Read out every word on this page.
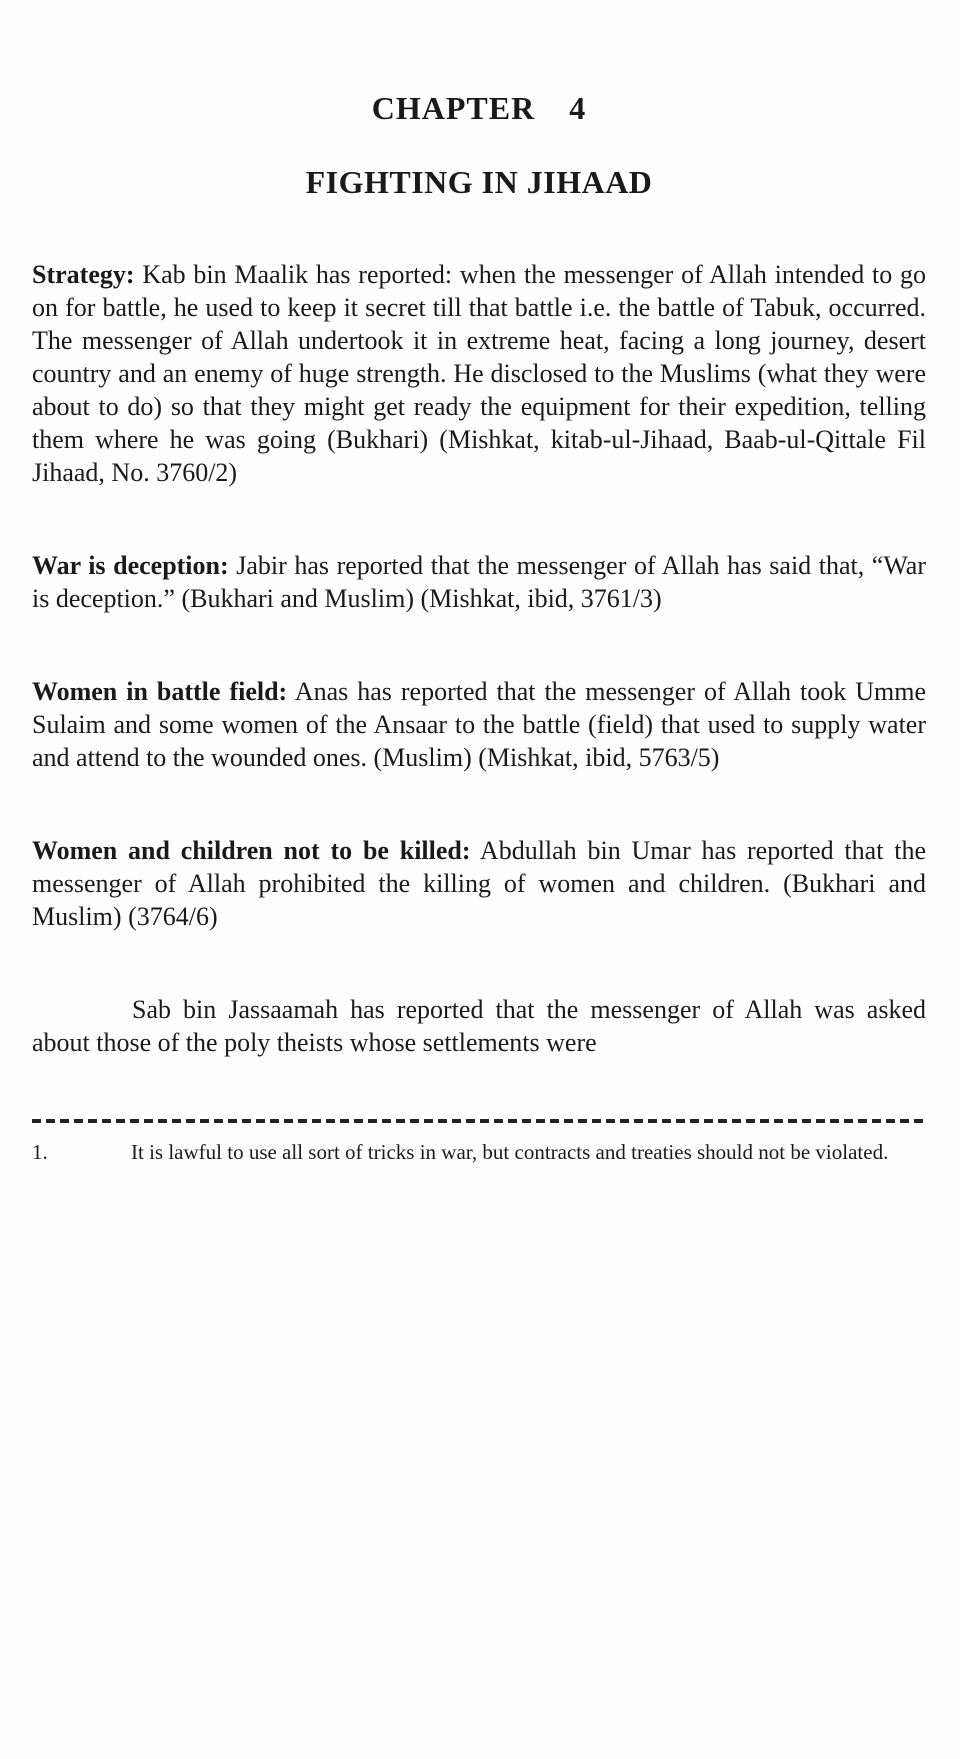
CHAPTER  4
FIGHTING IN JIHAAD

Strategy: Kab bin Maalik has reported: when the messenger of Allah intended to go on for battle, he used to keep it secret till that battle i.e. the battle of Tabuk, occurred. The messenger of Allah undertook it in extreme heat, facing a long journey, desert country and an enemy of huge strength. He disclosed to the Muslims (what they were about to do) so that they might get ready the equipment for their expedition, telling them where he was going (Bukhari) (Mishkat, kitab-ul-Jihaad, Baab-ul-Qittale Fil Jihaad, No. 3760/2)

War is deception: Jabir has reported that the messenger of Allah has said that, “War is deception.” (Bukhari and Muslim) (Mishkat, ibid, 3761/3)

Women in battle field: Anas has reported that the messenger of Allah took Umme Sulaim and some women of the Ansaar to the battle (field) that used to supply water and attend to the wounded ones. (Muslim) (Mishkat, ibid, 5763/5)

Women and children not to be killed: Abdullah bin Umar has reported that the messenger of Allah prohibited the killing of women and children. (Bukhari and Muslim) (3764/6)

Sab bin Jassaamah has reported that the messenger of Allah was asked about those of the poly theists whose settlements were

1.	It is lawful to use all sort of tricks in war, but contracts and treaties should not be violated.
